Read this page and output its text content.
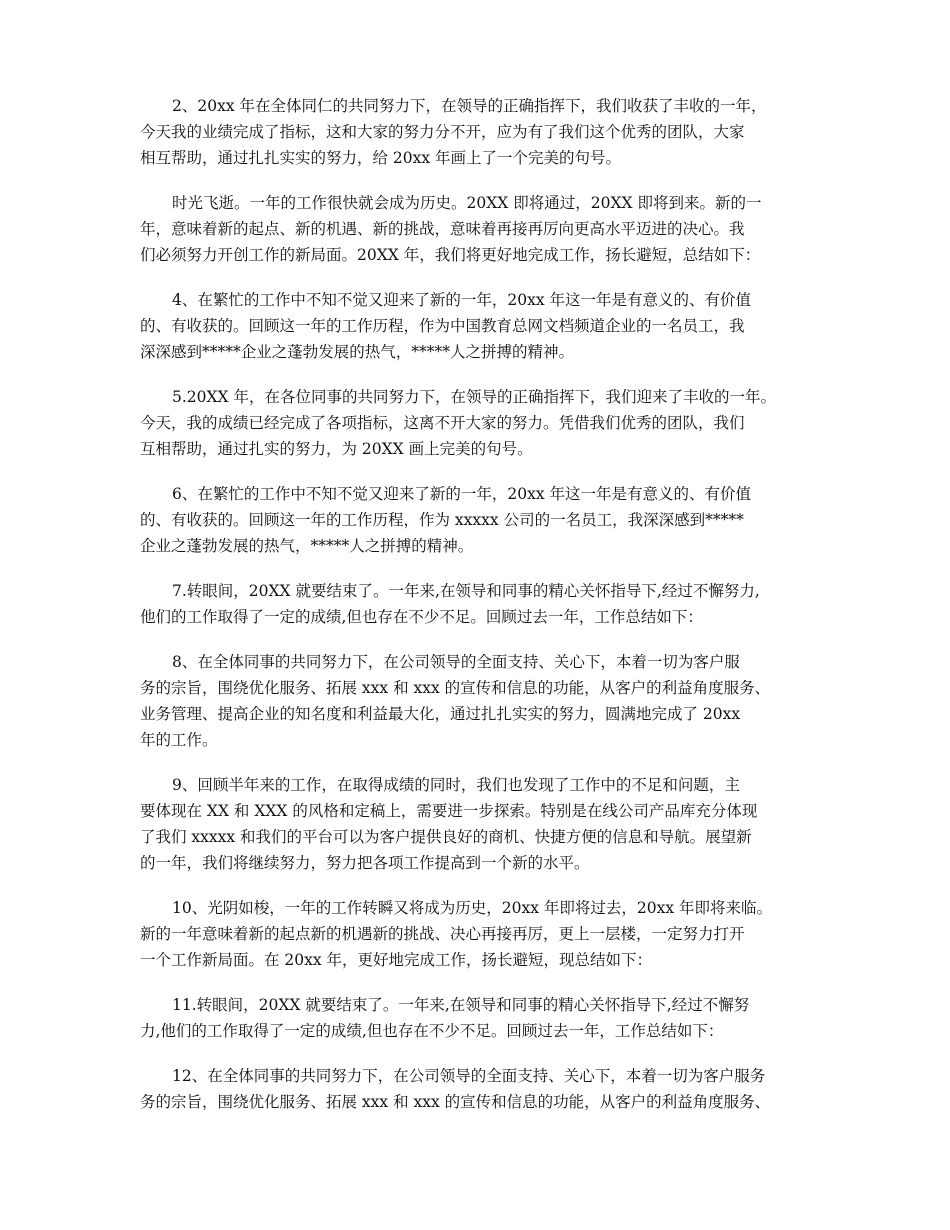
2、20xx 年在全体同仁的共同努力下，在领导的正确指挥下，我们收获了丰收的一年，
今天我的业绩完成了指标，这和大家的努力分不开，应为有了我们这个优秀的团队，大家
相互帮助，通过扎扎实实的努力，给 20xx 年画上了一个完美的句号。

时光飞逝。一年的工作很快就会成为历史。20XX 即将通过，20XX 即将到来。新的一
年，意味着新的起点、新的机遇、新的挑战，意味着再接再厉向更高水平迈进的决心。我
们必须努力开创工作的新局面。20XX 年，我们将更好地完成工作，扬长避短，总结如下：

4、在繁忙的工作中不知不觉又迎来了新的一年，20xx 年这一年是有意义的、有价值
的、有收获的。回顾这一年的工作历程，作为中国教育总网文档频道企业的一名员工，我
深深感到*****企业之蓬勃发展的热气，*****人之拼搏的精神。

5.20XX 年，在各位同事的共同努力下，在领导的正确指挥下，我们迎来了丰收的一年。
今天，我的成绩已经完成了各项指标，这离不开大家的努力。凭借我们优秀的团队，我们
互相帮助，通过扎实的努力，为 20XX 画上完美的句号。

6、在繁忙的工作中不知不觉又迎来了新的一年，20xx 年这一年是有意义的、有价值
的、有收获的。回顾这一年的工作历程，作为 xxxxx 公司的一名员工，我深深感到*****
企业之蓬勃发展的热气，*****人之拼搏的精神。

7.转眼间，20XX 就要结束了。一年来,在领导和同事的精心关怀指导下,经过不懈努力,
他们的工作取得了一定的成绩,但也存在不少不足。回顾过去一年，工作总结如下：

8、在全体同事的共同努力下，在公司领导的全面支持、关心下，本着一切为客户服
务的宗旨，围绕优化服务、拓展 xxx 和 xxx 的宣传和信息的功能，从客户的利益角度服务、
业务管理、提高企业的知名度和利益最大化，通过扎扎实实的努力，圆满地完成了 20xx
年的工作。

9、回顾半年来的工作，在取得成绩的同时，我们也发现了工作中的不足和问题，主
要体现在 XX 和 XXX 的风格和定稿上，需要进一步探索。特别是在线公司产品库充分体现
了我们 xxxxx 和我们的平台可以为客户提供良好的商机、快捷方便的信息和导航。展望新
的一年，我们将继续努力，努力把各项工作提高到一个新的水平。

10、光阴如梭，一年的工作转瞬又将成为历史，20xx 年即将过去，20xx 年即将来临。
新的一年意味着新的起点新的机遇新的挑战、决心再接再厉，更上一层楼，一定努力打开
一个工作新局面。在 20xx 年，更好地完成工作，扬长避短，现总结如下：

11.转眼间，20XX 就要结束了。一年来,在领导和同事的精心关怀指导下,经过不懈努
力,他们的工作取得了一定的成绩,但也存在不少不足。回顾过去一年，工作总结如下：

12、在全体同事的共同努力下，在公司领导的全面支持、关心下，本着一切为客户服务
务的宗旨，围绕优化服务、拓展 xxx 和 xxx 的宣传和信息的功能，从客户的利益角度服务、
